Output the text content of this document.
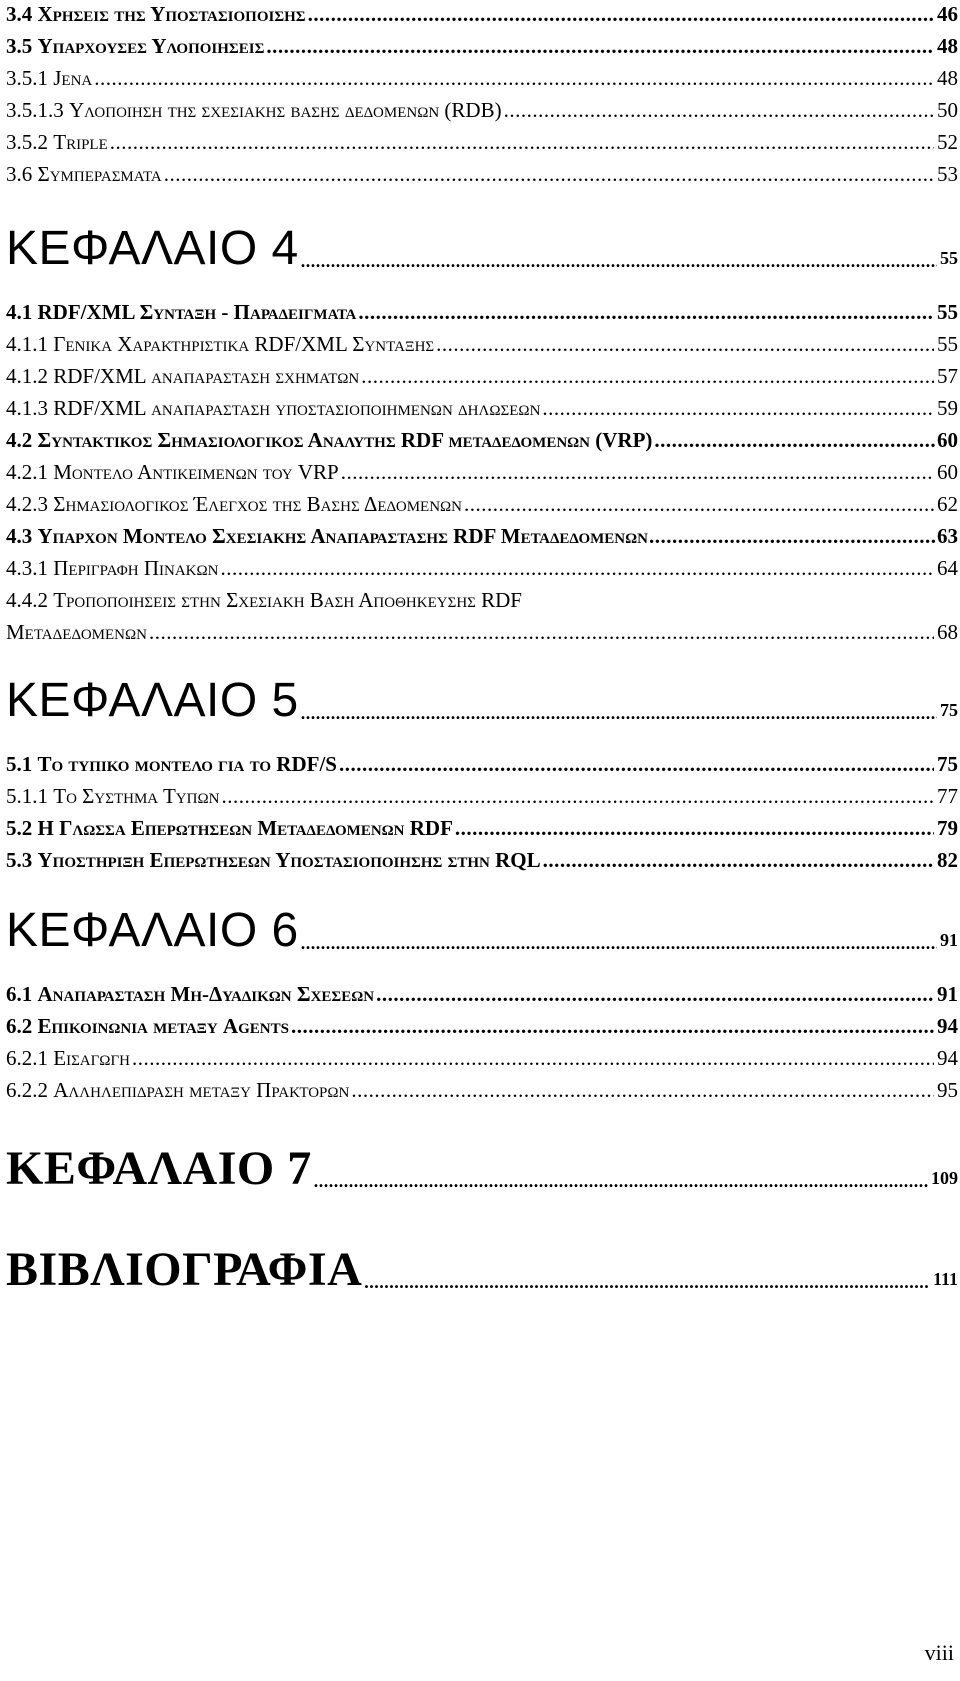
3.4 Χρησεισ τησ Υποστασιοποισησ .....	46
3.5 Υπαρχουσεσ Υλοποιησεισ .....	48
3.5.1 Jena .....	48
3.5.1.3 Υλοποιηση τησ σχεσιακησ βασησ δεδομενων (RDB) .....	50
3.5.2 Triple .....	52
3.6 Συμπερασματα .....	53
ΚΕΦΑΛΑΙΟ 4 .....	55
4.1 RDF/XML Συνταξη - Παραδειγματα .....	55
4.1.1 Γενικα Χαρακτηριστικα RDF/XML Συνταξησ .....	55
4.1.2 RDF/XML αναπαρασταση σχηματων .....	57
4.1.3 RDF/XML αναπαρασταση υποστασιοποιημενων δηλωσεων .....	59
4.2 Συντακτικοσ Σημασιολογικοσ Αναλυτησ RDF μεταδεδομενων (VRP) .....	60
4.2.1 Μοντελο Αντικειμενων του VRP .....	60
4.2.3 Σημασιολογικοσ Έλεγχοσ τησ Βασησ Δεδομενων .....	62
4.3 Υπαρχον Μοντελο Σχεσιακησ Αναπαραστασησ RDF Μεταδεδομενων .....	63
4.3.1 Περιγραφη Πινακων .....	64
4.4.2 Τροποποιησεισ στην Σχεσιακη Βαση Αποθηκευσησ RDF
Μεταδεδομενων .....	68
ΚΕΦΑΛΑΙΟ 5 .....	75
5.1 Το τυπικο μοντελο για το RDF/S .....	75
5.1.1 Το Συστημα Τυπων .....	77
5.2 Η Γλωσσα Επερωτησεων Μεταδεδομενων RDF .....	79
5.3 Υποστηριξη Επερωτησεων Υποστασιοποιησησ στην RQL .....	82
ΚΕΦΑΛΑΙΟ 6 .....	91
6.1 Αναπαρασταση Μη-Δυαδικων Σχεσεων .....	91
6.2 Επικοινωνια μεταξυ Agents .....	94
6.2.1 Εισαγωγη .....	94
6.2.2 Αλληλεπιδραση μεταξυ Πρακτορων .....	95
ΚΕΦΑΛΑΙΟ 7 .....	109
ΒΙΒΛΙΟΓΡΑΦΙΑ .....	111
viii
